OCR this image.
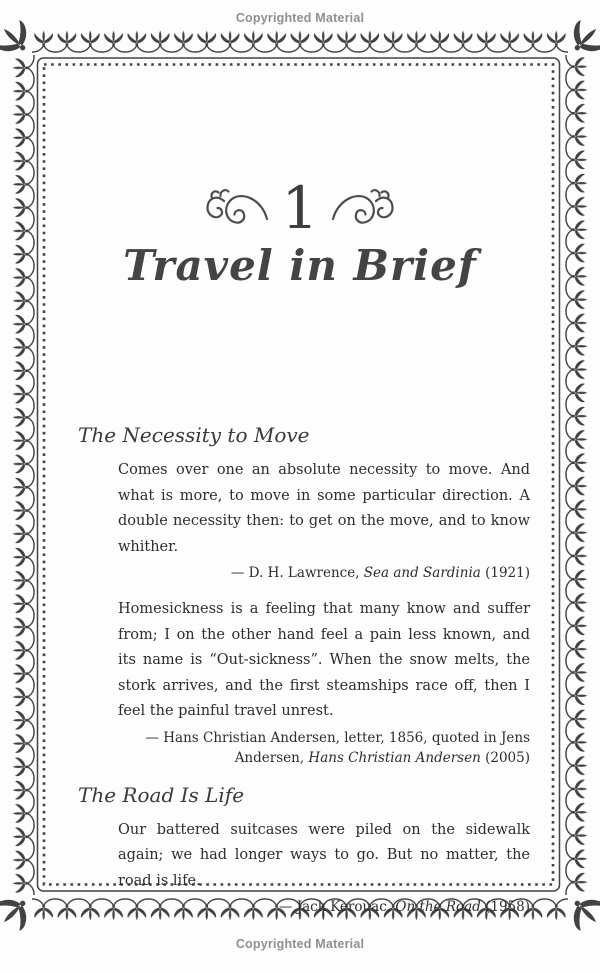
Copyrighted Material
1
Travel in Brief
The Necessity to Move

Comes over one an absolute necessity to move. And what is more, to move in some particular direction. A double necessity then: to get on the move, and to know whither.

— D. H. Lawrence, Sea and Sardinia (1921)

Homesickness is a feeling that many know and suffer from; I on the other hand feel a pain less known, and its name is “Out-sickness”. When the snow melts, the stork arrives, and the first steamships race off, then I feel the painful travel unrest.

— Hans Christian Andersen, letter, 1856, quoted in Jens Andersen, Hans Christian Andersen (2005)

The Road Is Life

Our battered suitcases were piled on the sidewalk again; we had longer ways to go. But no matter, the road is life.

— Jack Kerouac, On the Road (1958)

Copyrighted Material
